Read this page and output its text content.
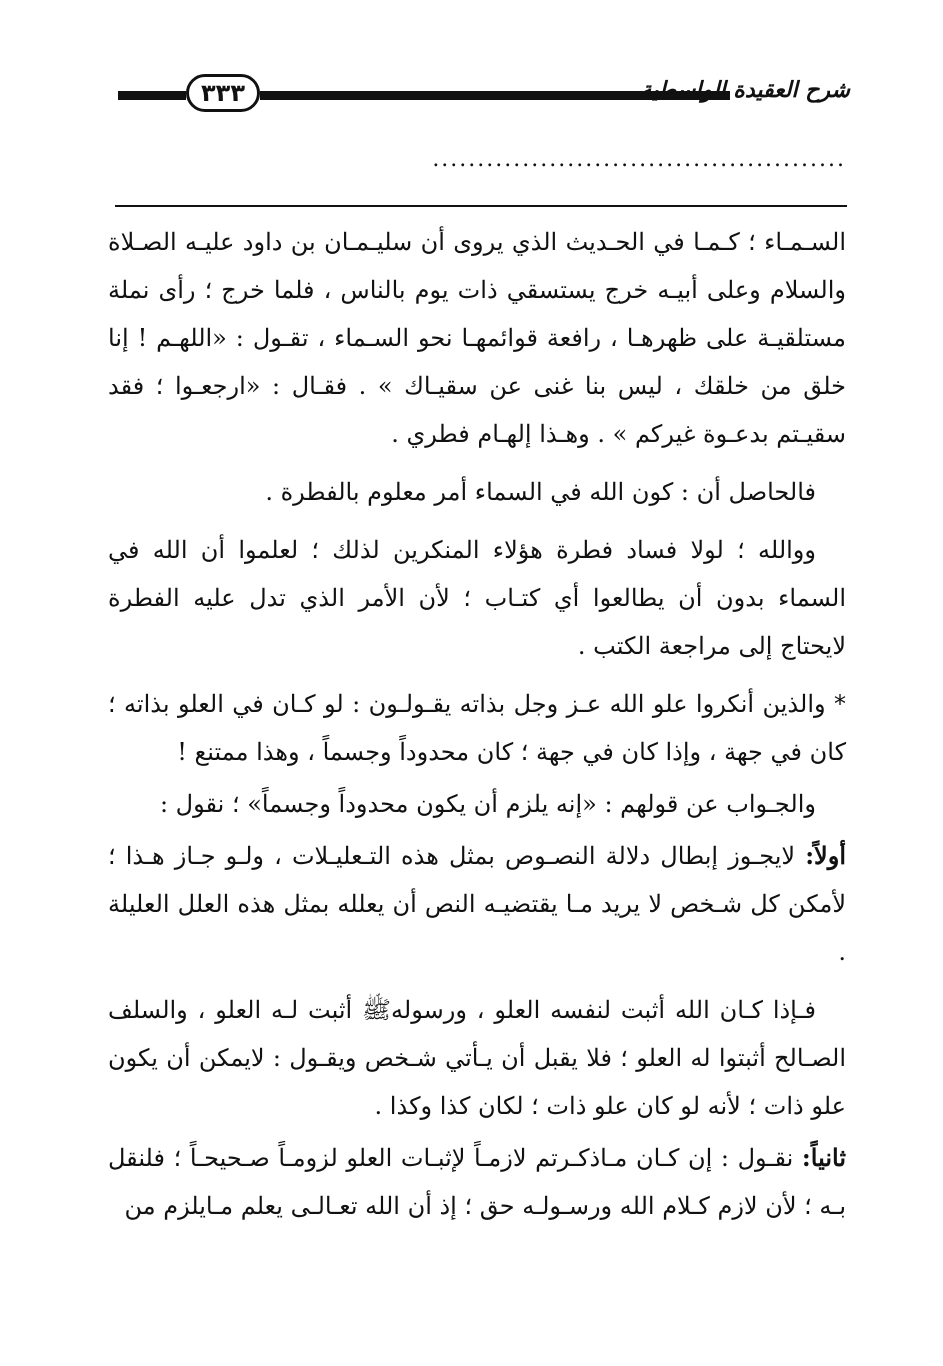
٣٣٣	شرح العقيدة الواسطية
..............................................

السـمـاء ؛ كـمـا في الحـديث الذي يروى أن سليـمـان بن داود عليـه الصـلاة والسلام وعلى أبيـه خرج يستسقي ذات يوم بالناس ، فلما خرج ؛ رأى نملة مستلقيـة على ظهرهـا ، رافعة قوائمهـا نحو السـماء ، تقـول : «اللهـم ! إنا خلق من خلقك ، ليس بنا غنى عن سقيـاك » . فقـال : «ارجعـوا ؛ فقد سقيـتم بدعـوة غيركم » . وهـذا إلهـام فطري .

فالحاصل أن : كون الله في السماء أمر معلوم بالفطرة .

ووالله ؛ لولا فساد فطرة هؤلاء المنكرين لذلك ؛ لعلموا أن الله في السماء بدون أن يطالعوا أي كتـاب ؛ لأن الأمر الذي تدل عليه الفطرة لايحتاج إلى مراجعة الكتب .

* والذين أنكروا علو الله عـز وجل بذاته يقـولـون : لو كـان في العلو بذاته ؛ كان في جهة ، وإذا كان في جهة ؛ كان محدوداً وجسماً ، وهذا ممتنع !

والجـواب عن قولهم : «إنه يلزم أن يكون محدوداً وجسماً» ؛ نقول :

أولاً: لايجـوز إبطال دلالة النصـوص بمثل هذه التـعليـلات ، ولـو جـاز هـذا ؛ لأمكن كل شـخص لا يريد مـا يقتضيـه النص أن يعلله بمثل هذه العلل العليلة .

فـإذا كـان الله أثبت لنفسه العلو ، ورسولهﷺ أثبت لـه العلو ، والسلف الصـالح أثبتوا له العلو ؛ فلا يقبل أن يـأتي شـخص ويقـول : لايمكن أن يكون علو ذات ؛ لأنه لو كان علو ذات ؛ لكان كذا وكذا .

ثانياً: نقـول : إن كـان مـاذكـرتم لازمـاً لإثبـات العلو لزومـاً صـحيحـاً ؛ فلنقل بـه ؛ لأن لازم كـلام الله ورسـولـه حق ؛ إذ أن الله تعـالـى يعلم مـايلزم من
